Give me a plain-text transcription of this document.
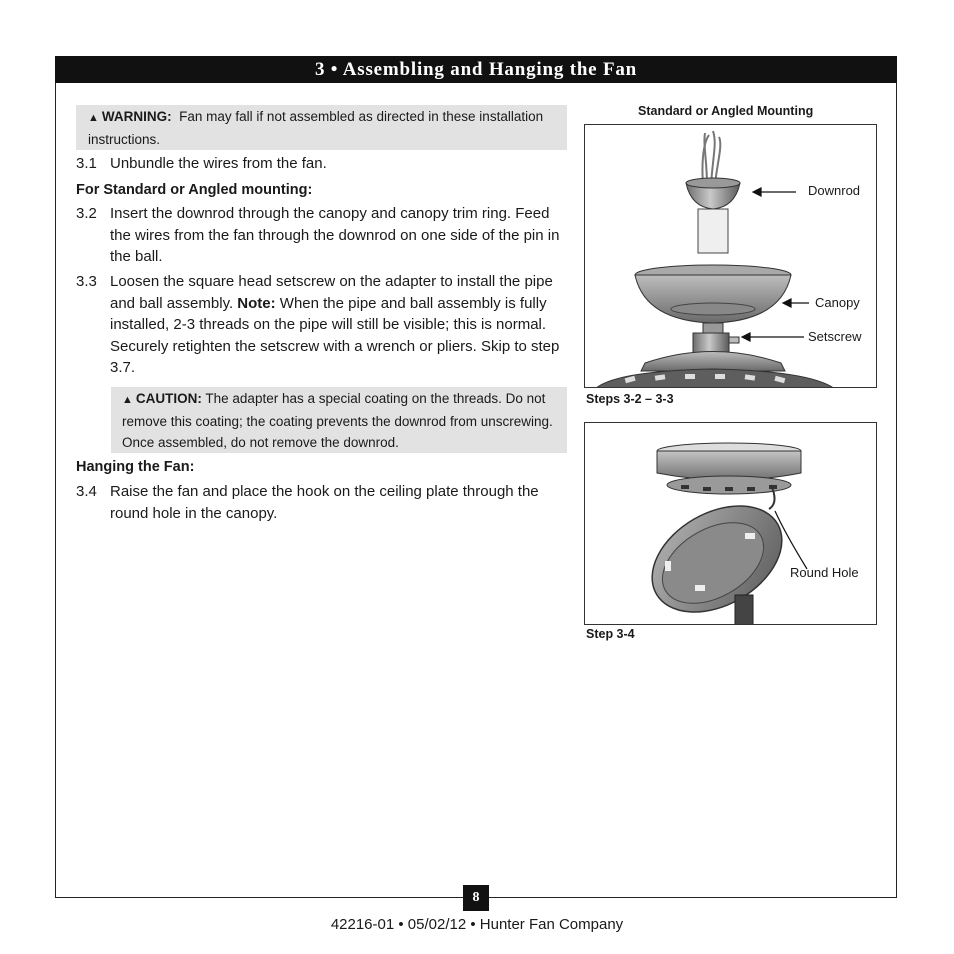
3 • Assembling and Hanging the Fan
▲ WARNING: Fan may fall if not assembled as directed in these installation instructions.
3.1 Unbundle the wires from the fan.
For Standard or Angled mounting:
3.2 Insert the downrod through the canopy and canopy trim ring. Feed the wires from the fan through the downrod on one side of the pin in the ball.
3.3 Loosen the square head setscrew on the adapter to install the pipe and ball assembly. Note: When the pipe and ball assembly is fully installed, 2-3 threads on the pipe will still be visible; this is normal. Securely retighten the setscrew with a wrench or pliers. Skip to step 3.7.
▲ CAUTION: The adapter has a special coating on the threads. Do not remove this coating; the coating prevents the downrod from unscrewing. Once assembled, do not remove the downrod.
Hanging the Fan:
3.4 Raise the fan and place the hook on the ceiling plate through the round hole in the canopy.
Standard or Angled Mounting
Downrod
Canopy
Setscrew
Steps 3-2 – 3-3
Round Hole
Step 3-4
8
42216-01 • 05/02/12 • Hunter Fan Company
